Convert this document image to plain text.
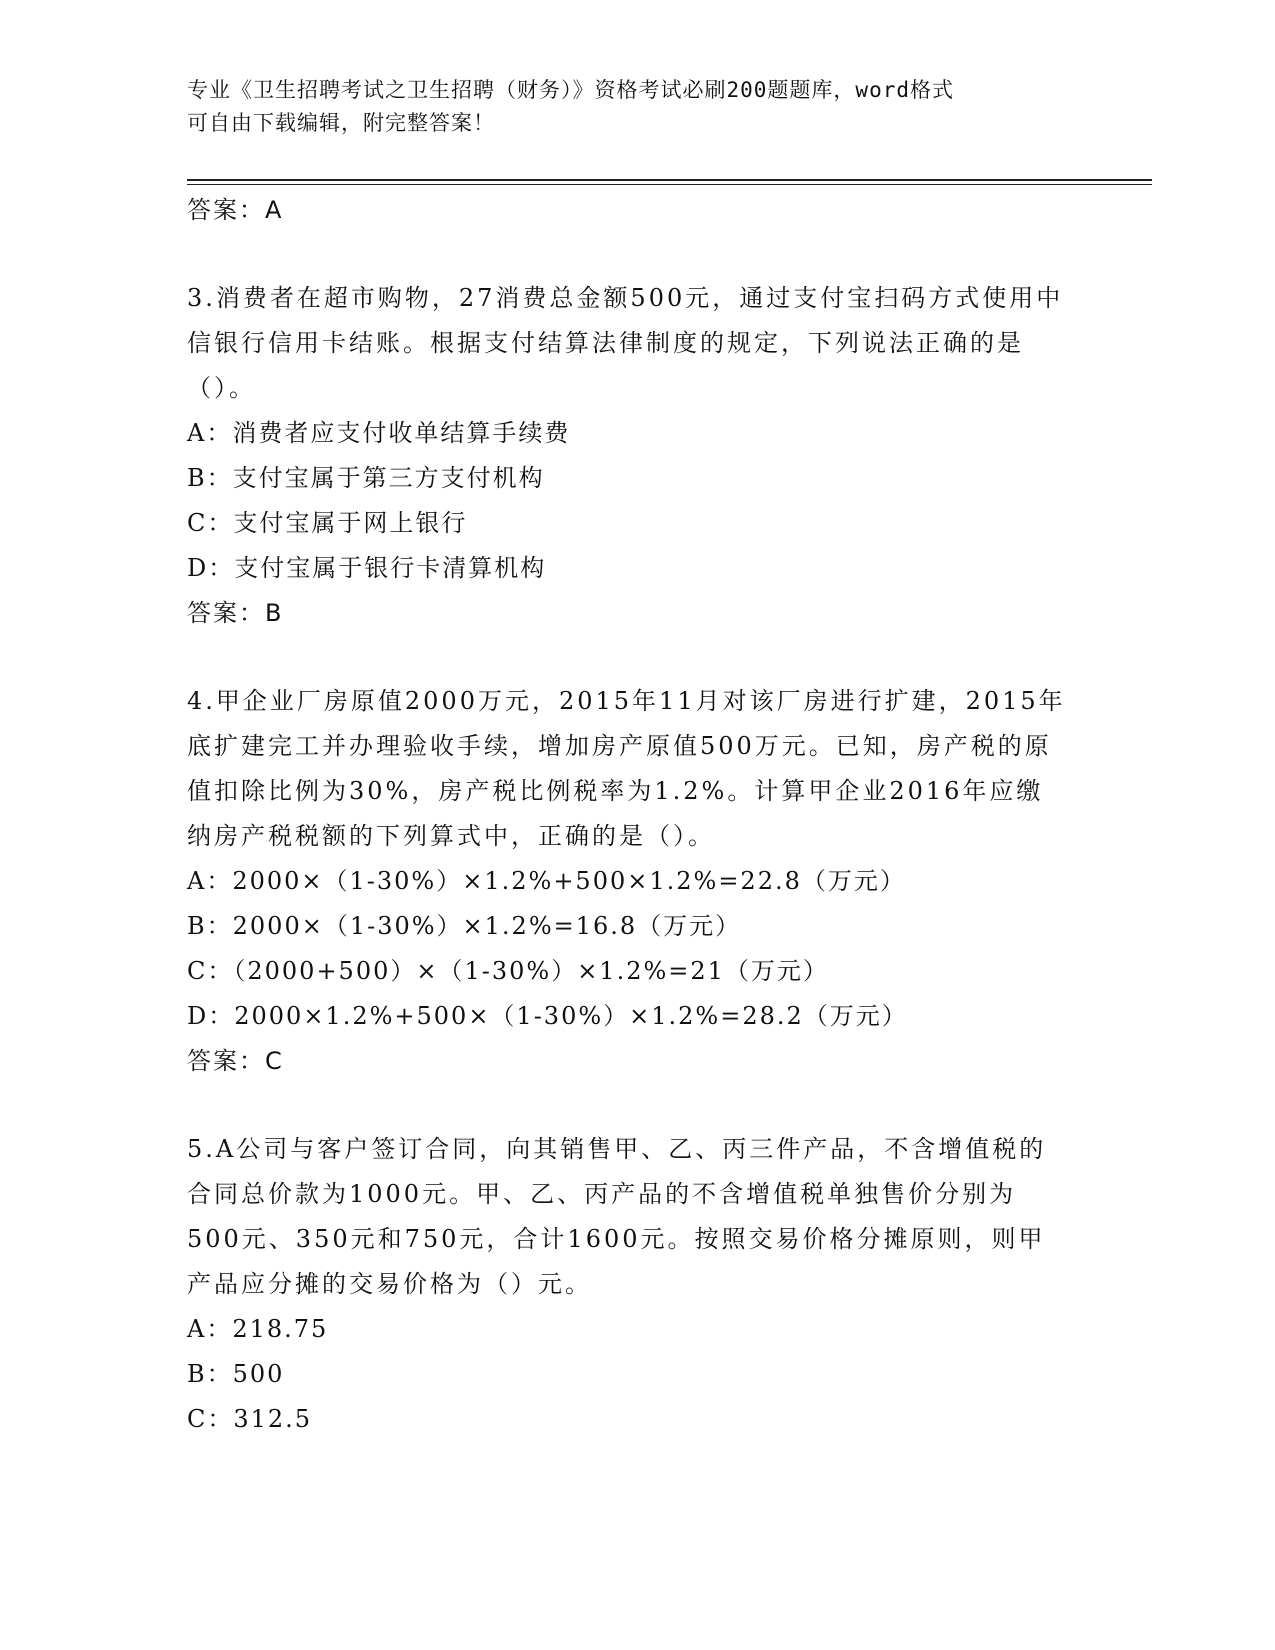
专业《卫生招聘考试之卫生招聘（财务）》资格考试必刷200题题库，word格式
可自由下载编辑，附完整答案！
答案：A
3.消费者在超市购物，27消费总金额500元，通过支付宝扫码方式使用中信银行信用卡结账。根据支付结算法律制度的规定，下列说法正确的是（）。
A：消费者应支付收单结算手续费
B：支付宝属于第三方支付机构
C：支付宝属于网上银行
D：支付宝属于银行卡清算机构
答案：B
4.甲企业厂房原值2000万元，2015年11月对该厂房进行扩建，2015年底扩建完工并办理验收手续，增加房产原值500万元。已知，房产税的原值扣除比例为30%，房产税比例税率为1.2%。计算甲企业2016年应缴纳房产税税额的下列算式中，正确的是（）。
A：2000×（1-30%）×1.2%+500×1.2%=22.8（万元）
B：2000×（1-30%）×1.2%=16.8（万元）
C：（2000+500）×（1-30%）×1.2%=21（万元）
D：2000×1.2%+500×（1-30%）×1.2%=28.2（万元）
答案：C
5.A公司与客户签订合同，向其销售甲、乙、丙三件产品，不含增值税的合同总价款为1000元。甲、乙、丙产品的不含增值税单独售价分别为500元、350元和750元，合计1600元。按照交易价格分摊原则，则甲产品应分摊的交易价格为（）元。
A：218.75
B：500
C：312.5
